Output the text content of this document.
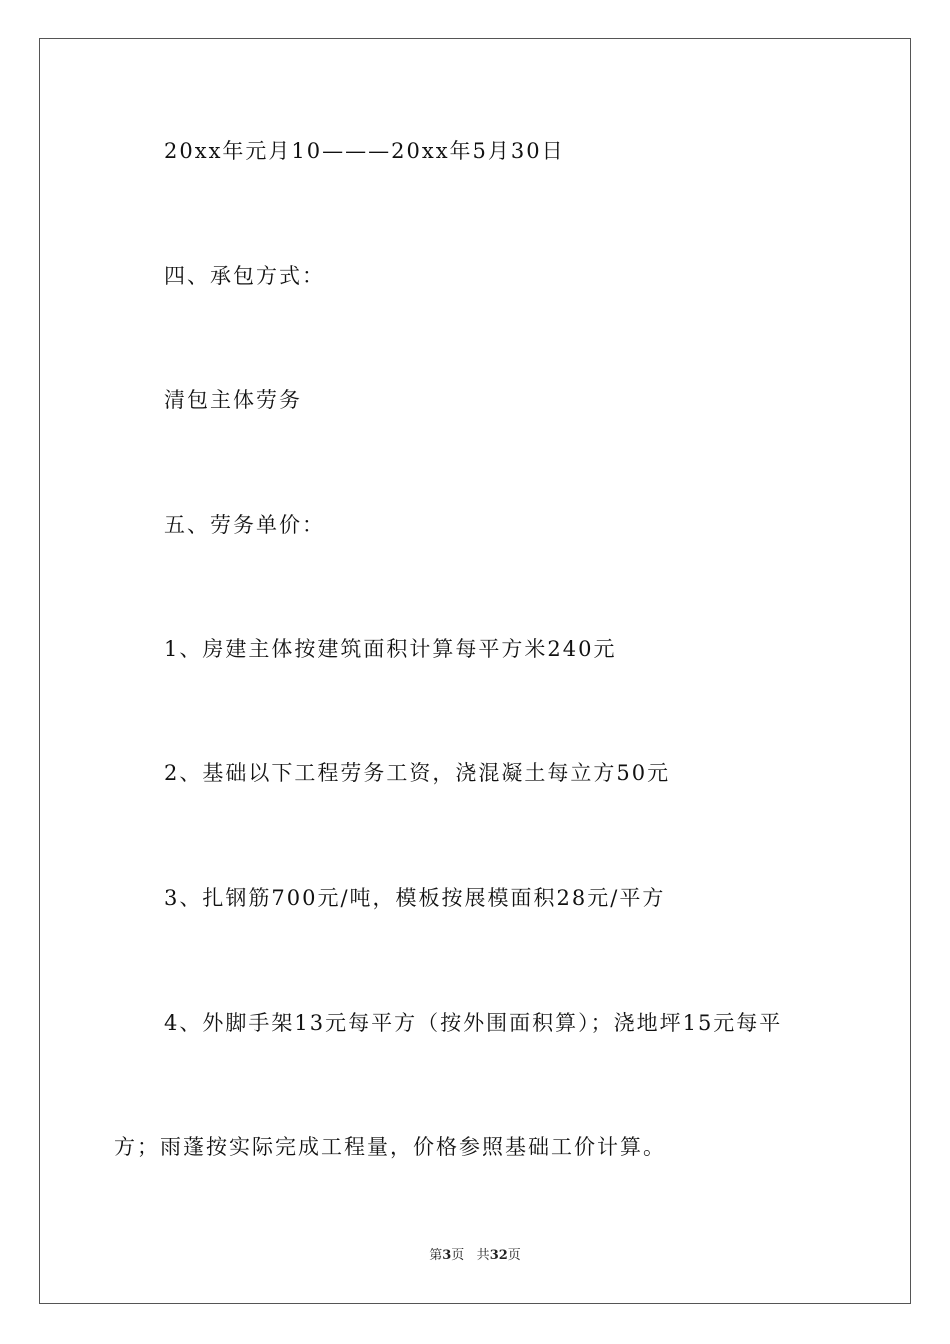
20xx年元月10———20xx年5月30日
四、承包方式：
清包主体劳务
五、劳务单价：
1、房建主体按建筑面积计算每平方米240元
2、基础以下工程劳务工资，浇混凝土每立方50元
3、扎钢筋700元/吨，模板按展模面积28元/平方
4、外脚手架13元每平方（按外围面积算）；浇地坪15元每平
方；雨蓬按实际完成工程量，价格参照基础工价计算。
第3页 共32页
